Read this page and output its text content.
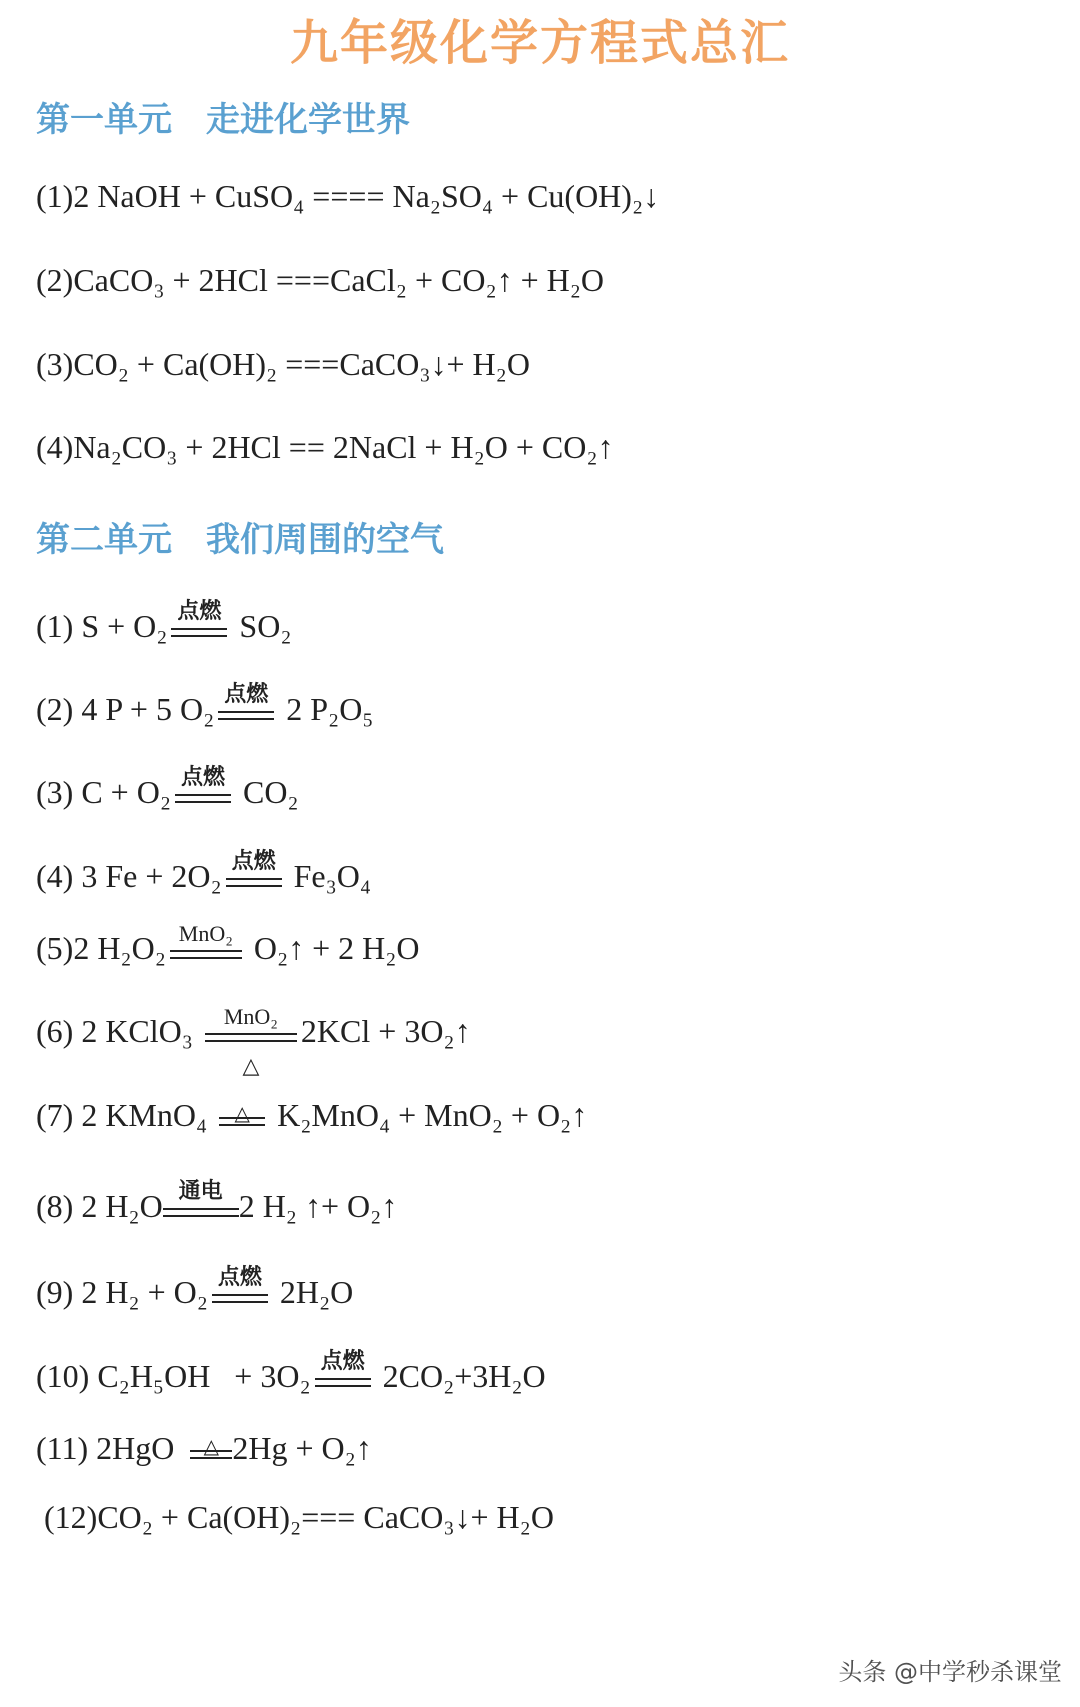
九年级化学方程式总汇
第一单元　走进化学世界
(1) 2 NaOH + CuSO₄ ==== Na₂SO₄ + Cu(OH)₂↓
(2) CaCO₃ + 2HCl === CaCl₂ + CO₂↑ + H₂O
(3) CO₂ + Ca(OH)₂ === CaCO₃↓+ H₂O
(4) Na₂CO₃ + 2HCl == 2NaCl + H₂O + CO₂↑
第二单元　我们周围的空气
(1) S + O₂ 点燃 SO₂
(2) 4 P + 5 O₂ 点燃 2 P₂O₅
(3) C + O₂ 点燃 CO₂
(4) 3 Fe + 2O₂ 点燃 Fe₃O₄
(5) 2 H₂O₂ MnO₂ O₂↑ + 2 H₂O
(6) 2 KClO₃ MnO₂
△
2KCl + 3O₂↑
(7) 2 KMnO₄ △ K₂MnO₄ + MnO₂ + O₂↑
(8) 2 H₂O 通电 2 H₂ ↑+ O₂↑
(9) 2 H₂ + O₂ 点燃 2H₂O
(10) C₂H₅OH   + 3O₂ 点燃 2CO₂+3H₂O
(11) 2HgO △ 2Hg + O₂↑
(12) CO₂ + Ca(OH)₂=== CaCO₃↓+ H₂O
头条 @中学秒杀课堂
